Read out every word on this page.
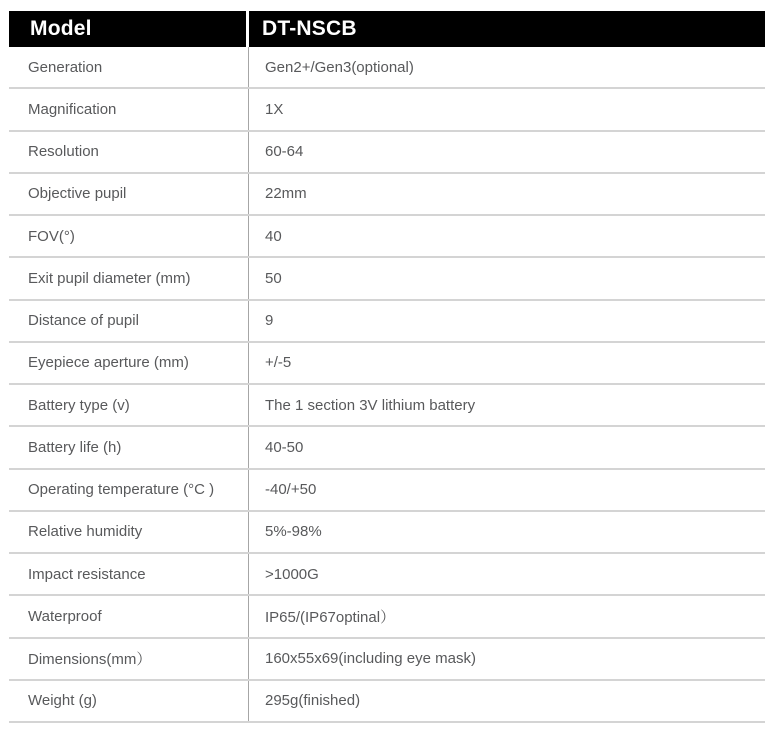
Model	DT-NSCB
Generation	Gen2+/Gen3(optional)
Magnification	1X
Resolution	60-64
Objective pupil	22mm
FOV(°)	40
Exit pupil diameter (mm)	50
Distance of pupil	9
Eyepiece aperture (mm)	+/-5
Battery type (v)	The 1 section 3V lithium battery
Battery life (h)	40-50
Operating temperature (°C )	-40/+50
Relative humidity	5%-98%
Impact resistance	>1000G
Waterproof	IP65/(IP67optinal）
Dimensions(mm）	160x55x69(including eye mask)
Weight (g)	295g(finished)
